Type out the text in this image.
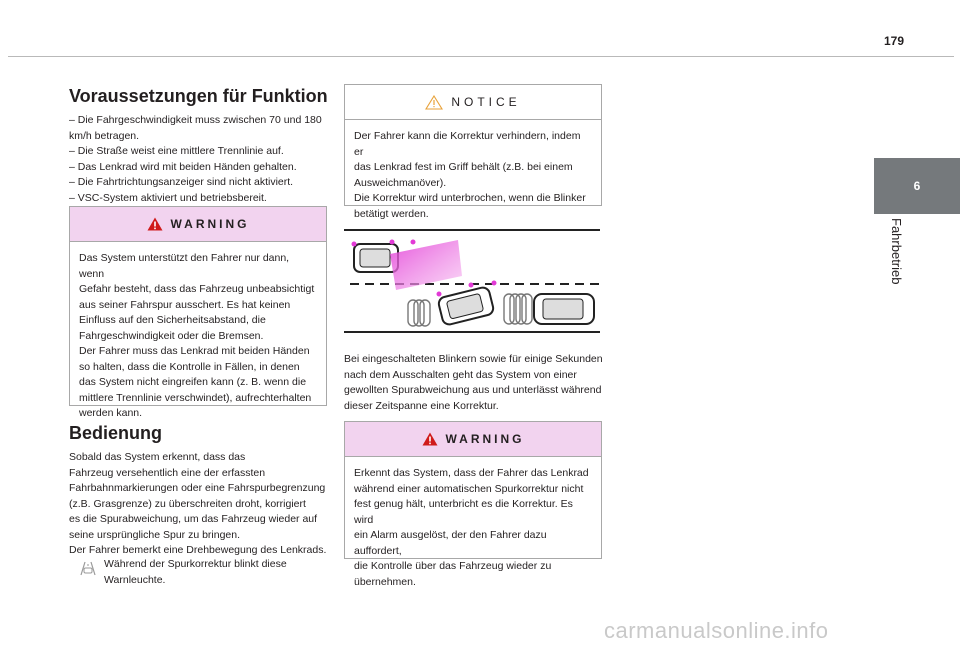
179
6
Fahrbetrieb
Voraussetzungen für Funktion
– Die Fahrgeschwindigkeit muss zwischen 70 und 180 km/h betragen.
– Die Straße weist eine mittlere Trennlinie auf.
– Das Lenkrad wird mit beiden Händen gehalten.
– Die Fahrtrichtungsanzeiger sind nicht aktiviert.
– VSC-System aktiviert und betriebsbereit.
WARNING
Das System unterstützt den Fahrer nur dann, wenn
Gefahr besteht, dass das Fahrzeug unbeabsichtigt
aus seiner Fahrspur ausschert. Es hat keinen
Einfluss auf den Sicherheitsabstand, die
Fahrgeschwindigkeit oder die Bremsen.
Der Fahrer muss das Lenkrad mit beiden Händen
so halten, dass die Kontrolle in Fällen, in denen
das System nicht eingreifen kann (z. B. wenn die
mittlere Trennlinie verschwindet), aufrechterhalten
werden kann.
Bedienung

Sobald das System erkennt, dass das

Fahrzeug versehentlich eine der erfassten

Fahrbahnmarkierungen oder eine Fahrspurbegrenzung

(z.B. Grasgrenze) zu überschreiten droht, korrigiert

es die Spurabweichung, um das Fahrzeug wieder auf

seine ursprüngliche Spur zu bringen.

Der Fahrer bemerkt eine Drehbewegung des Lenkrads.

Während der Spurkorrektur blinkt diese
Warnleuchte.
NOTICE
Der Fahrer kann die Korrektur verhindern, indem er
das Lenkrad fest im Griff behält (z.B. bei einem
Ausweichmanöver).
Die Korrektur wird unterbrochen, wenn die Blinker
betätigt werden.

Bei eingeschalteten Blinkern sowie für einige Sekunden

nach dem Ausschalten geht das System von einer

gewollten Spurabweichung aus und unterlässt während

dieser Zeitspanne eine Korrektur.

WARNING
Erkennt das System, dass der Fahrer das Lenkrad
während einer automatischen Spurkorrektur nicht
fest genug hält, unterbricht es die Korrektur. Es wird
ein Alarm ausgelöst, der den Fahrer dazu auffordert,
die Kontrolle über das Fahrzeug wieder zu
übernehmen.
carmanualsonline.info
